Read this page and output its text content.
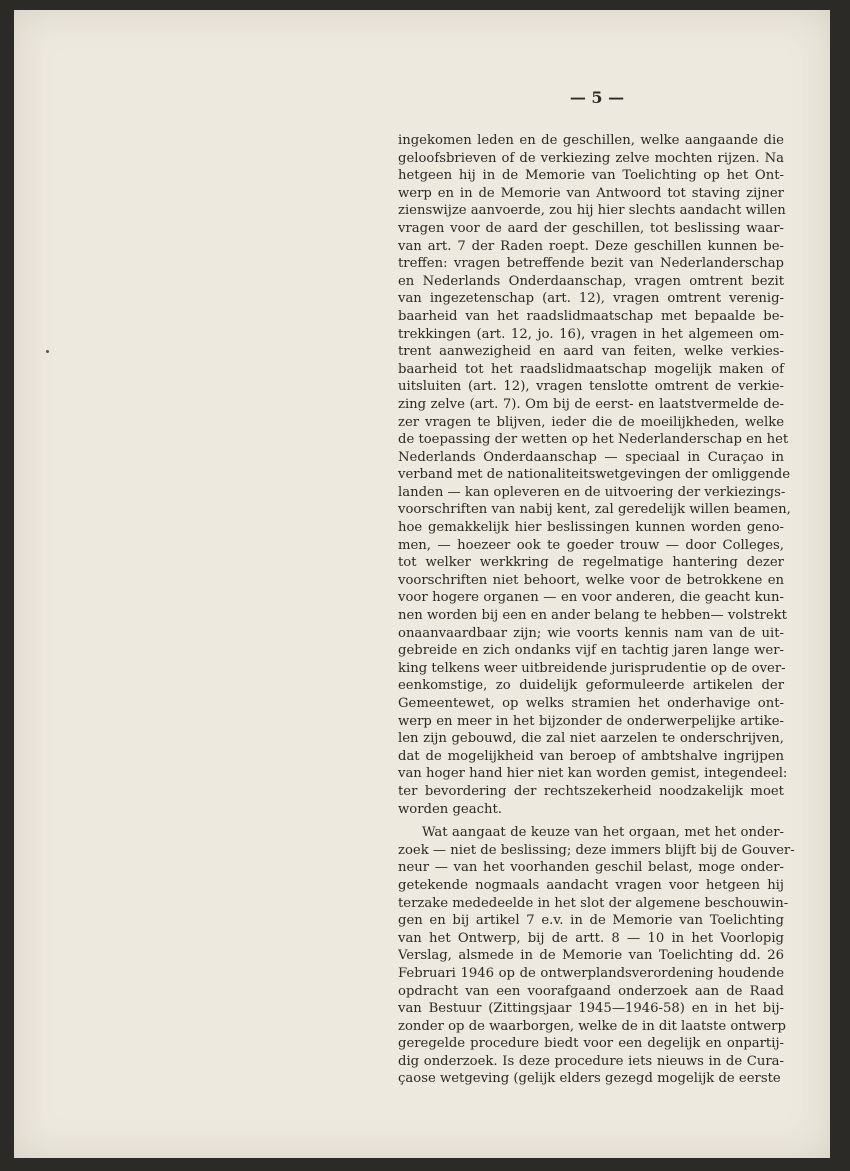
— 5 —
ingekomen leden en de geschillen, welke aangaande die
geloofsbrieven of de verkiezing zelve mochten rijzen. Na
hetgeen hij in de Memorie van Toelichting op het Ont-
werp en in de Memorie van Antwoord tot staving zijner
zienswijze aanvoerde, zou hij hier slechts aandacht willen
vragen voor de aard der geschillen, tot beslissing waar-
van art. 7 der Raden roept. Deze geschillen kunnen be-
treffen: vragen betreffende bezit van Nederlanderschap
en Nederlands Onderdaanschap, vragen omtrent bezit
van ingezetenschap (art. 12), vragen omtrent verenig-
baarheid van het raadslidmaatschap met bepaalde be-
trekkingen (art. 12, jo. 16), vragen in het algemeen om-
trent aanwezigheid en aard van feiten, welke verkies-
baarheid tot het raadslidmaatschap mogelijk maken of
uitsluiten (art. 12), vragen tenslotte omtrent de verkie-
zing zelve (art. 7). Om bij de eerst- en laatstvermelde de-
zer vragen te blijven, ieder die de moeilijkheden, welke
de toepassing der wetten op het Nederlanderschap en het
Nederlands Onderdaanschap — speciaal in Curaçao in
verband met de nationaliteitswetgevingen der omliggende
landen — kan opleveren en de uitvoering der verkiezings-
voorschriften van nabij kent, zal geredelijk willen beamen,
hoe gemakkelijk hier beslissingen kunnen worden geno-
men, — hoezeer ook te goeder trouw — door Colleges,
tot welker werkkring de regelmatige hantering dezer
voorschriften niet behoort, welke voor de betrokkene en
voor hogere organen — en voor anderen, die geacht kun-
nen worden bij een en ander belang te hebben— volstrekt
onaanvaardbaar zijn; wie voorts kennis nam van de uit-
gebreide en zich ondanks vijf en tachtig jaren lange wer-
king telkens weer uitbreidende jurisprudentie op de over-
eenkomstige, zo duidelijk geformuleerde artikelen der
Gemeentewet, op welks stramien het onderhavige ont-
werp en meer in het bijzonder de onderwerpelijke artike-
len zijn gebouwd, die zal niet aarzelen te onderschrijven,
dat de mogelijkheid van beroep of ambtshalve ingrijpen
van hoger hand hier niet kan worden gemist, integendeel:
ter bevordering der rechtszekerheid noodzakelijk moet
worden geacht.
Wat aangaat de keuze van het orgaan, met het onder-
zoek — niet de beslissing; deze immers blijft bij de Gouver-
neur — van het voorhanden geschil belast, moge onder-
getekende nogmaals aandacht vragen voor hetgeen hij
terzake mededeelde in het slot der algemene beschouwin-
gen en bij artikel 7 e.v. in de Memorie van Toelichting
van het Ontwerp, bij de artt. 8 — 10 in het Voorlopig
Verslag, alsmede in de Memorie van Toelichting dd. 26
Februari 1946 op de ontwerplandsverordening houdende
opdracht van een voorafgaand onderzoek aan de Raad
van Bestuur (Zittingsjaar 1945—1946-58) en in het bij-
zonder op de waarborgen, welke de in dit laatste ontwerp
geregelde procedure biedt voor een degelijk en onpartij-
dig onderzoek. Is deze procedure iets nieuws in de Cura-
çaose wetgeving (gelijk elders gezegd mogelijk de eerste
